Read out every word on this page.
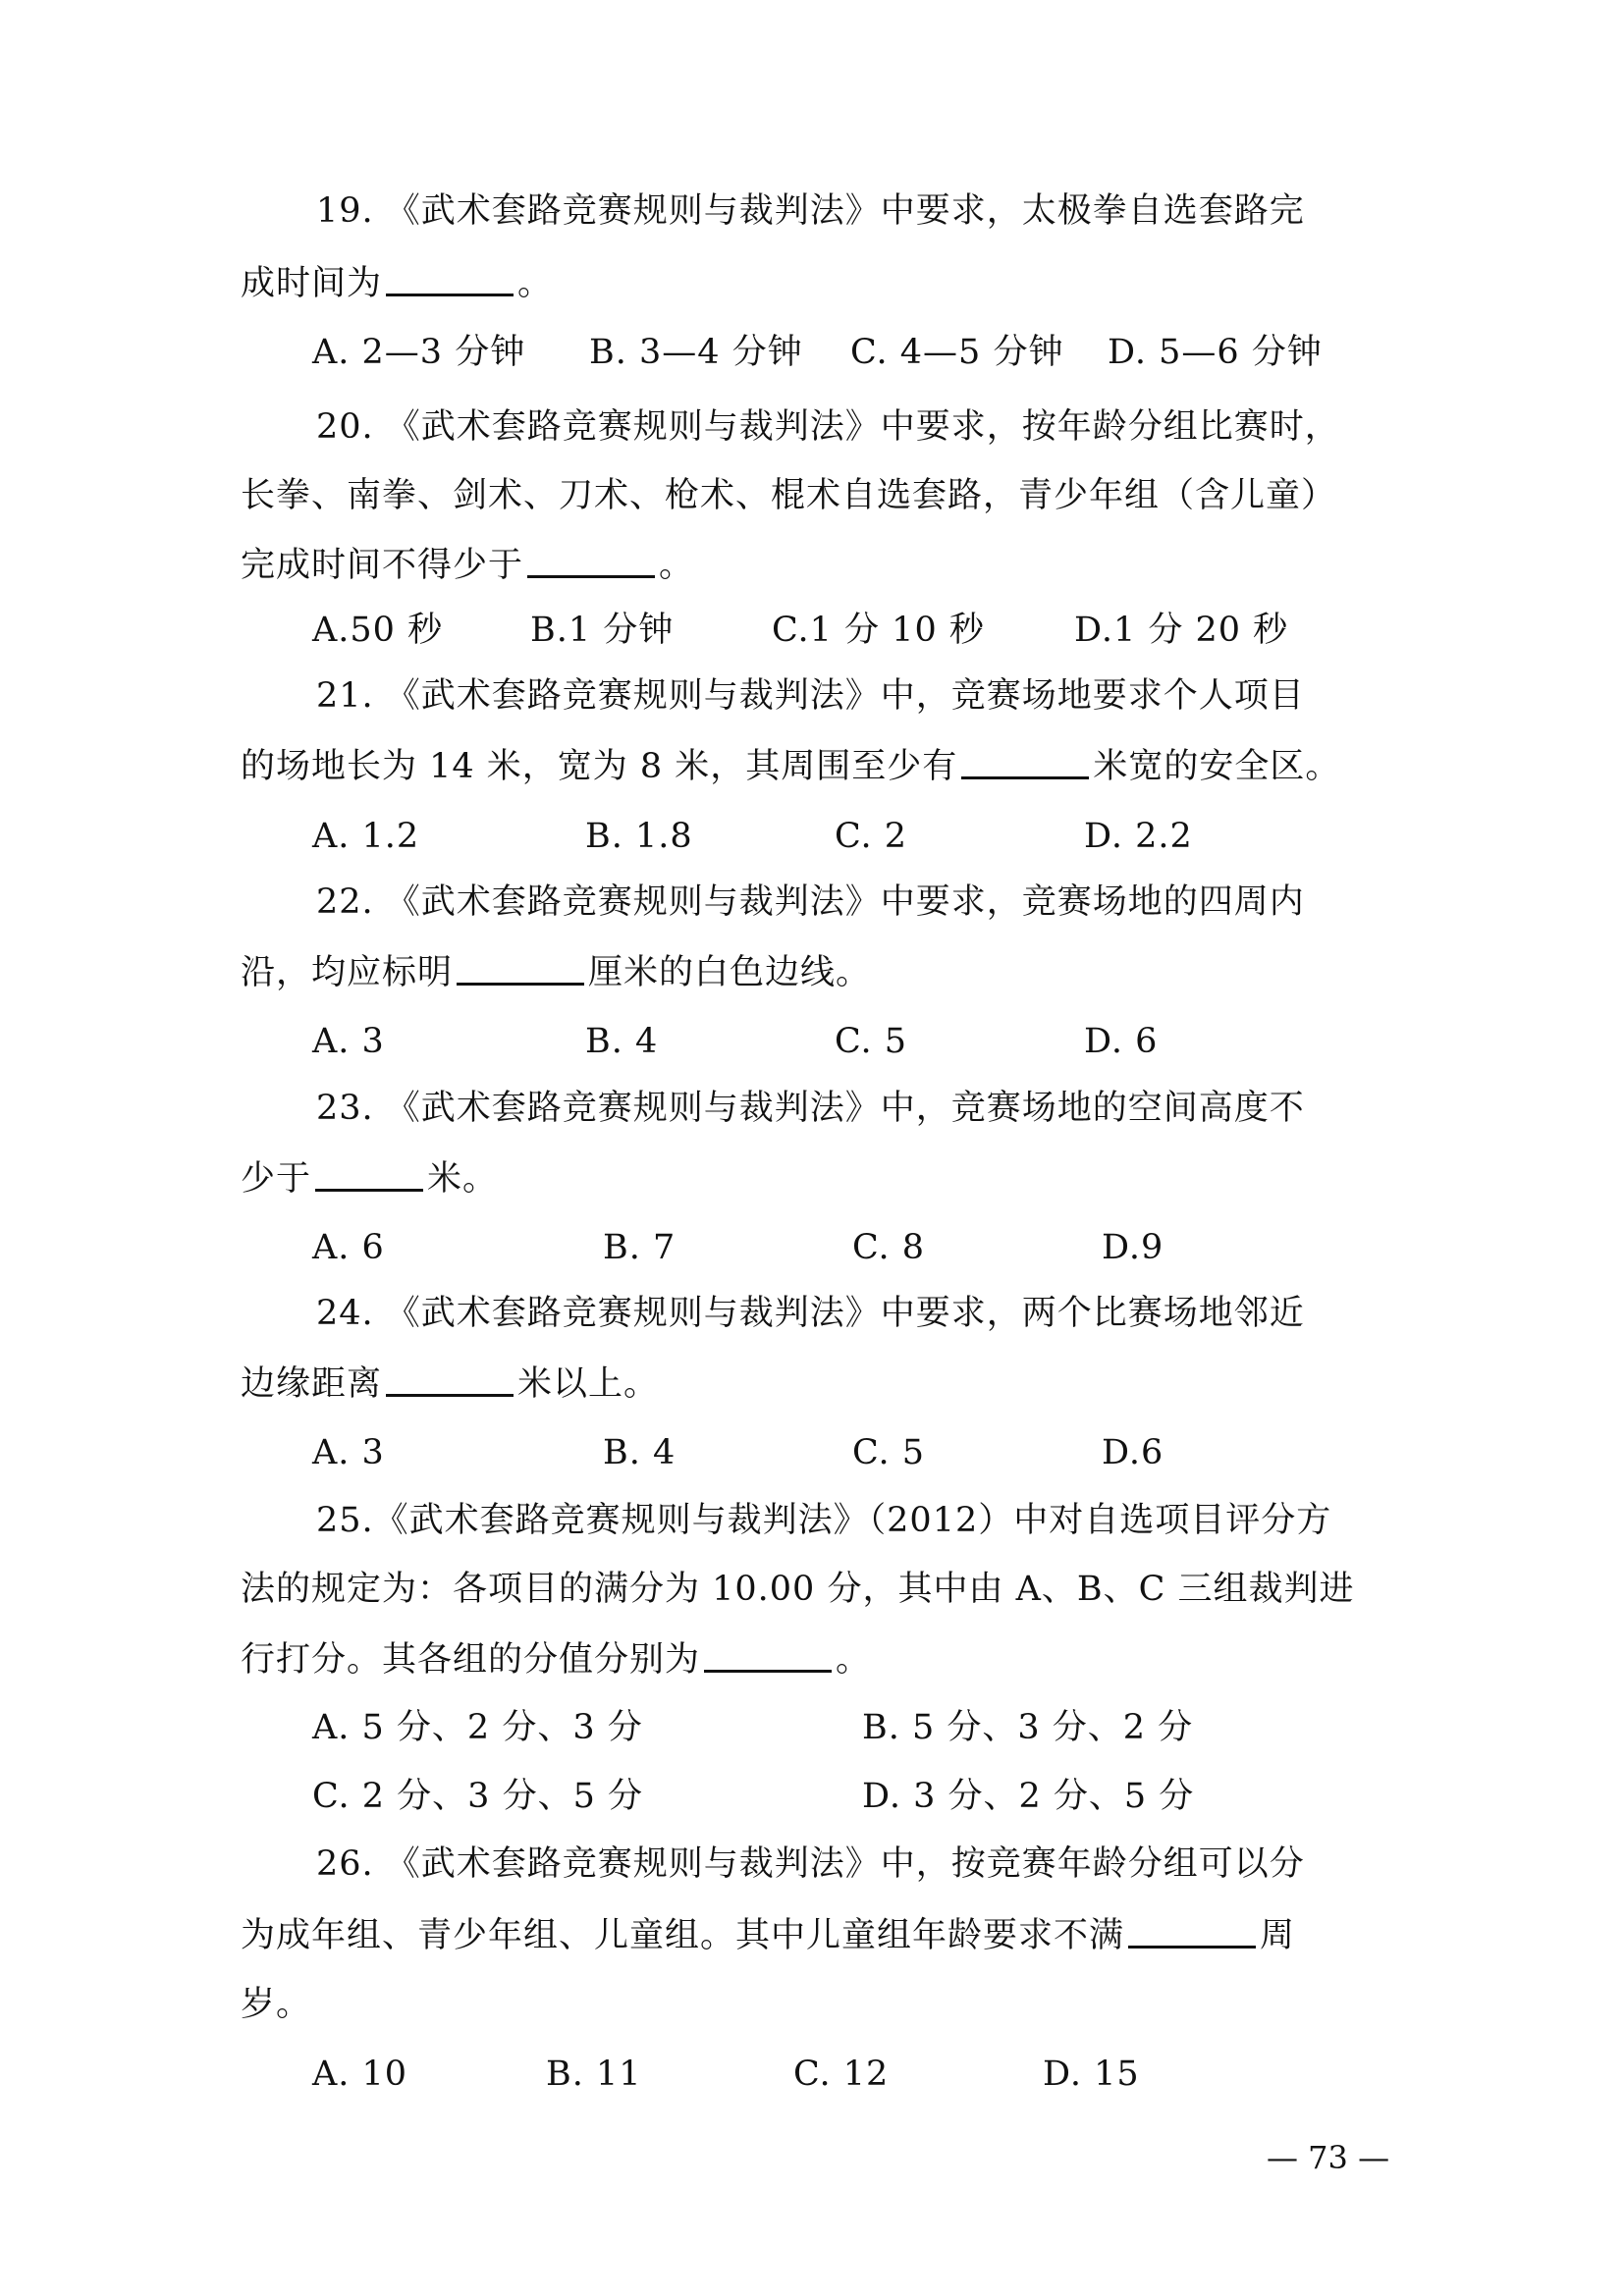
19. 《武术套路竞赛规则与裁判法》中要求，太极拳自选套路完
成时间为	。
A. 2—3 分钟 B. 3—4 分钟 C. 4—5 分钟 D. 5—6 分钟
20. 《武术套路竞赛规则与裁判法》中要求，按年龄分组比赛时，
长拳、南拳、剑术、刀术、枪术、棍术自选套路，青少年组（含儿童）
完成时间不得少于	。
A.50 秒	B.1 分钟	C.1 分 10 秒	D.1 分 20 秒
21. 《武术套路竞赛规则与裁判法》中，竞赛场地要求个人项目
的场地长为 14 米，宽为 8 米，其周围至少有	米宽的安全区。
A. 1.2	B. 1.8	C. 2	D. 2.2
22. 《武术套路竞赛规则与裁判法》中要求，竞赛场地的四周内
沿，均应标明	厘米的白色边线。
A. 3	B. 4	C. 5	D. 6
23. 《武术套路竞赛规则与裁判法》中，竞赛场地的空间高度不
少于	米。
A. 6	B. 7	C. 8	D.9
24. 《武术套路竞赛规则与裁判法》中要求，两个比赛场地邻近
边缘距离	米以上。
A. 3	B. 4	C. 5	D.6
25.《武术套路竞赛规则与裁判法》（2012）中对自选项目评分方
法的规定为：各项目的满分为 10.00 分，其中由 A、B、C 三组裁判进
行打分。其各组的分值分别为	。
A. 5 分、2 分、3 分	B. 5 分、3 分、2 分
C. 2 分、3 分、5 分	D. 3 分、2 分、5 分
26. 《武术套路竞赛规则与裁判法》中，按竞赛年龄分组可以分
为成年组、青少年组、儿童组。其中儿童组年龄要求不满	周
岁。
A. 10	B. 11	C. 12	D. 15
— 73 —
